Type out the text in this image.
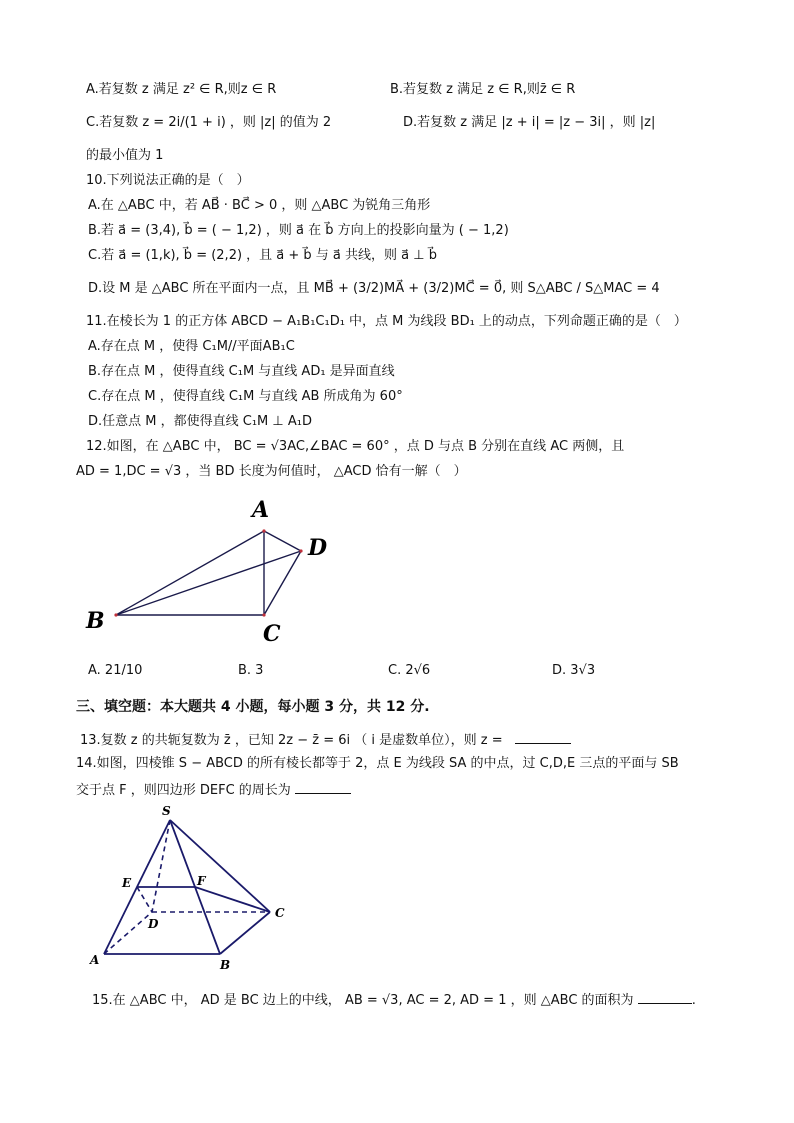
A.若复数 z 满足 z² ∈ R,则z ∈ R	B.若复数 z 满足 z ∈ R,则z̄ ∈ R
C.若复数 z = 2i/(1 + i) ，则 |z| 的值为 2	D.若复数 z 满足 |z + i| = |z − 3i| ，则 |z|
的最小值为 1
10.下列说法正确的是（　）
A.在 △ABC 中，若 AB⃗ · BC⃗ > 0 ，则 △ABC 为锐角三角形
B.若 a⃗ = (3,4), b⃗ = ( − 1,2) ，则 a⃗ 在 b⃗ 方向上的投影向量为 ( − 1,2)
C.若 a⃗ = (1,k), b⃗ = (2,2) ，且 a⃗ + b⃗ 与 a⃗ 共线，则 a⃗ ⊥ b⃗
D.设 M 是 △ABC 所在平面内一点，且 MB⃗ + (3/2)MA⃗ + (3/2)MC⃗ = 0⃗, 则 S△ABC / S△MAC = 4
11.在棱长为 1 的正方体 ABCD − A₁B₁C₁D₁ 中，点 M 为线段 BD₁ 上的动点，下列命题正确的是（　）
A.存在点 M ，使得 C₁M//平面AB₁C
B.存在点 M ，使得直线 C₁M 与直线 AD₁ 是异面直线
C.存在点 M ，使得直线 C₁M 与直线 AB 所成角为 60°
D.任意点 M ，都使得直线 C₁M ⊥ A₁D
12.如图，在 △ABC 中， BC = √3AC,∠BAC = 60° ，点 D 与点 B 分别在直线 AC 两侧，且
AD = 1,DC = √3 ，当 BD 长度为何值时， △ACD 恰有一解（　）
A
D
B	C
A. 21/10	B. 3	C. 2√6	D. 3√3
三、填空题：本大题共 4 小题，每小题 3 分，共 12 分.
13.复数 z 的共轭复数为 z̄ ，已知 2z − z̄ = 6i （ i 是虚数单位），则 z =
14.如图，四棱锥 S − ABCD 的所有棱长都等于 2，点 E 为线段 SA 的中点，过 C,D,E 三点的平面与 SB
交于点 F ，则四边形 DEFC 的周长为
S
E	F
D
C
A	B
15.在 △ABC 中， AD 是 BC 边上的中线， AB = √3, AC = 2, AD = 1 ，则 △ABC 的面积为	.
